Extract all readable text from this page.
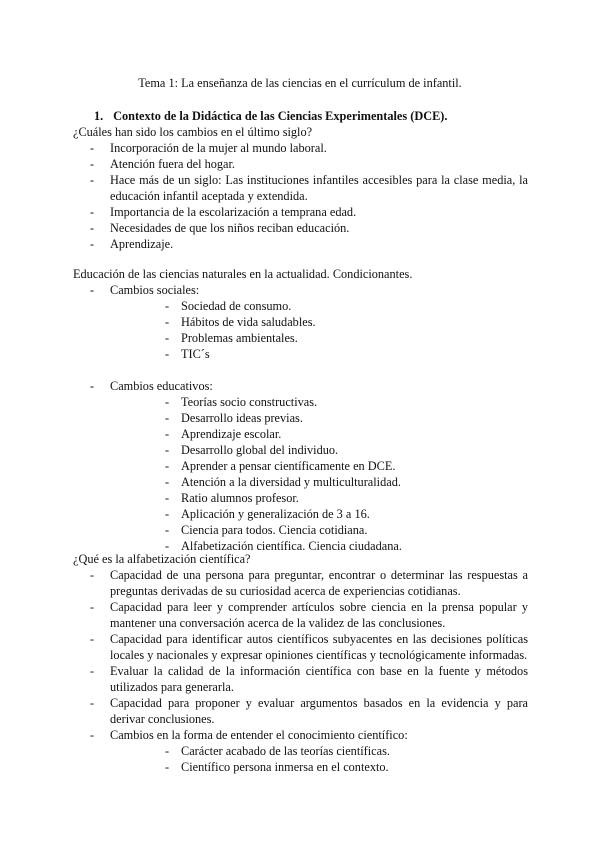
Tema 1: La enseñanza de las ciencias en el currículum de infantil.
1. Contexto de la Didáctica de las Ciencias Experimentales (DCE).
¿Cuáles han sido los cambios en el último siglo?
- Incorporación de la mujer al mundo laboral.
- Atención fuera del hogar.
- Hace más de un siglo: Las instituciones infantiles accesibles para la clase media, la educación infantil aceptada y extendida.
- Importancia de la escolarización a temprana edad.
- Necesidades de que los niños reciban educación.
- Aprendizaje.
Educación de las ciencias naturales en la actualidad. Condicionantes.
- Cambios sociales:
- Sociedad de consumo.
- Hábitos de vida saludables.
- Problemas ambientales.
- TIC´s
- Cambios educativos:
- Teorías socio constructivas.
- Desarrollo ideas previas.
- Aprendizaje escolar.
- Desarrollo global del individuo.
- Aprender a pensar científicamente en DCE.
- Atención a la diversidad y multiculturalidad.
- Ratio alumnos profesor.
- Aplicación y generalización de 3 a 16.
- Ciencia para todos. Ciencia cotidiana.
- Alfabetización científica. Ciencia ciudadana.
¿Qué es la alfabetización científica?
- Capacidad de una persona para preguntar, encontrar o determinar las respuestas a preguntas derivadas de su curiosidad acerca de experiencias cotidianas.
- Capacidad para leer y comprender artículos sobre ciencia en la prensa popular y mantener una conversación acerca de la validez de las conclusiones.
- Capacidad para identificar autos científicos subyacentes en las decisiones políticas locales y nacionales y expresar opiniones científicas y tecnológicamente informadas.
- Evaluar la calidad de la información científica con base en la fuente y métodos utilizados para generarla.
- Capacidad para proponer y evaluar argumentos basados en la evidencia y para derivar conclusiones.
- Cambios en la forma de entender el conocimiento científico:
- Carácter acabado de las teorías científicas.
- Científico persona inmersa en el contexto.
